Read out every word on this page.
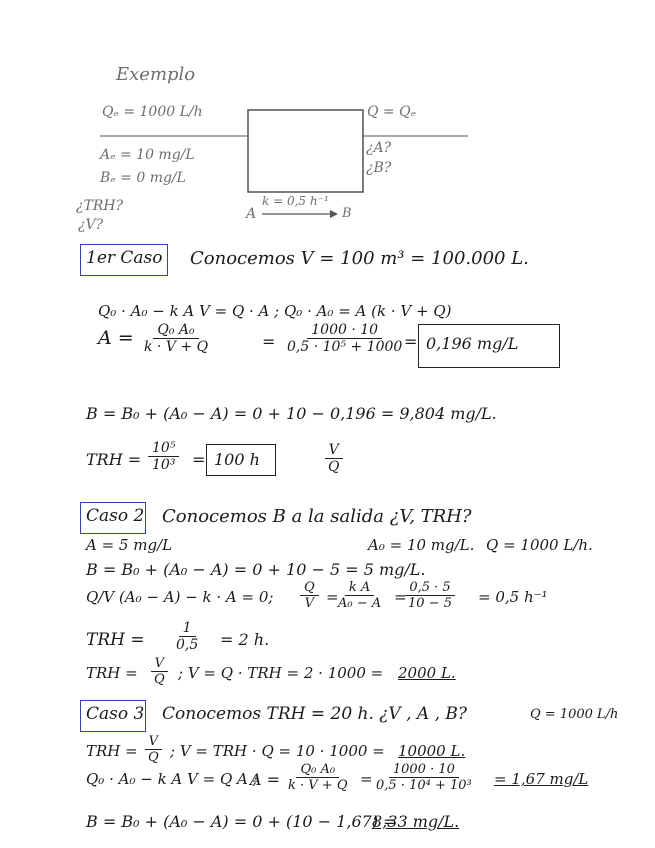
Exemplo
Qₑ = 1000 L/h	Q = Qₑ
Aₑ = 10 mg/L
Bₑ = 0 mg/L
¿A?
¿B?
¿TRH?
¿V?
A
k = 0,5 h⁻¹
B
1er Caso Conocemos V = 100 m³ = 100.000 L.
Q₀ · A₀ − k A V = Q · A ; Q₀ · A₀ = A (k · V + Q)
$A = \frac{\text{Q₀ A₀}}{k \cdot V + Q}$	= $\frac{1000 \cdot 10}{\text{0,5 · 10⁵ + 1000}}$
= 0,196 mg/L
B = B₀ + (A₀ − A) = 0 + 10 − 0,196 = 9,804 mg/L.
TRH = $\frac{\text{10⁵}}{\text{10³}} = 100$ h	$\frac{V}{Q}$
Caso 2 Conocemos B a la salida ¿V, TRH?
A = 5 mg/L	A₀ = 10 mg/L. Q = 1000 L/h.
B = B₀ + (A₀ − A) = 0 + 10 − 5 = 5 mg/L.
Q/V (A₀ − A) − k · A = 0; $\frac{Q}{V}$ =
$\frac{\text{k A}}{\text{A₀ − A}}$ =
$\frac{0,5 \cdot 5}{10 - 5} = 0,5$ h⁻¹
TRH = $\frac{1}{0,5} = 2$ h.
TRH = $\frac{V}{Q}$ ; V = Q · TRH = 2 · 1000 = 2000 L.
Caso 3 Conocemos TRH = 20 h. ¿V , A , B?	Q = 1000 L/h
TRH = $\frac{V}{Q}$ ; V = TRH · Q = 10 · 1000 = 10000 L.
Q₀ · A₀ − k A V = Q A ;
$A = \frac{\text{Q₀ A₀}}{k \cdot V + Q} = \frac{1000 \cdot 10}{\text{0,5 · 10⁴ + 10³}} = 1,67$ mg/L
B = B₀ + (A₀ − A) = 0 + (10 − 1,67) =
8,33 mg/L.
